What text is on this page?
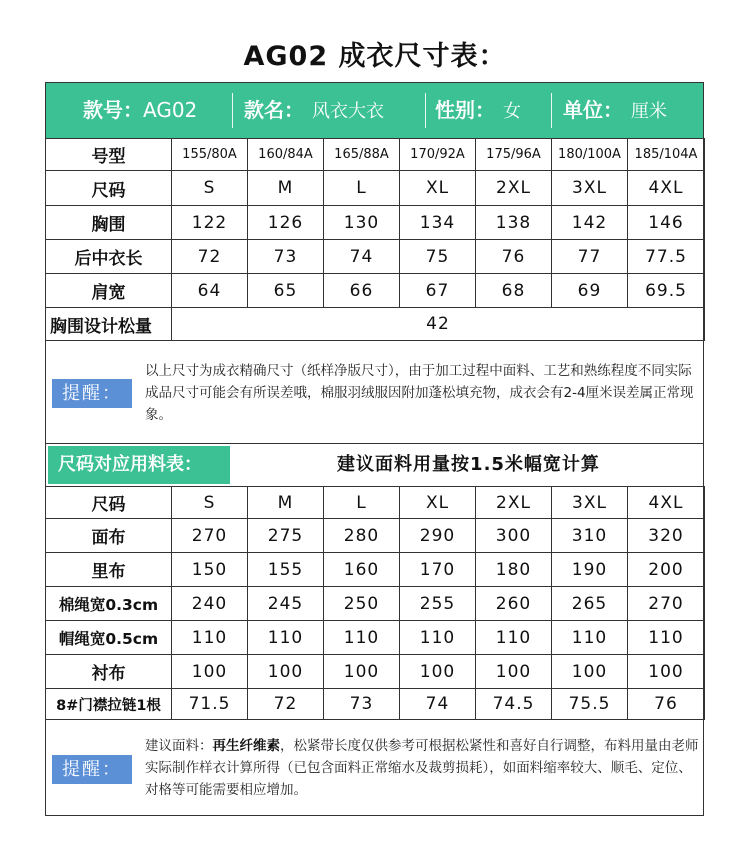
AG02 成衣尺寸表：
款号：AG02 款名： 风衣大衣	性别： 女 单位： 厘米
号型	155/80A	160/84A	165/88A	170/92A	175/96A	180/100A	185/104A
尺码	S	M	L	XL	2XL	3XL	4XL
胸围	122	126	130	134	138	142	146
后中衣长	72	73	74	75	76	77	77.5
肩宽	64	65	66	67	68	69	69.5
胸围设计松量	42						
提醒：
以上尺寸为成衣精确尺寸（纸样净版尺寸），由于加工过程中面料、工艺和熟练程度不同实际成品尺寸可能会有所误差哦，棉服羽绒服因附加蓬松填充物，成衣会有2-4厘米误差属正常现象。
尺码对应用料表：	建议面料用量按1.5米幅宽计算
尺码	S	M	L	XL	2XL	3XL	4XL
面布	270	275	280	290	300	310	320
里布	150	155	160	170	180	190	200
棉绳宽0.3cm	240	245	250	255	260	265	270
帽绳宽0.5cm	110	110	110	110	110	110	110
衬布	100	100	100	100	100	100	100
8#门襟拉链1根	71.5	72	73	74	74.5	75.5	76
提醒：
建议面料：再生纤维素，松紧带长度仅供参考可根据松紧性和喜好自行调整，布料用量由老师实际制作样衣计算所得（已包含面料正常缩水及裁剪损耗），如面料缩率较大、顺毛、定位、对格等可能需要相应增加。
